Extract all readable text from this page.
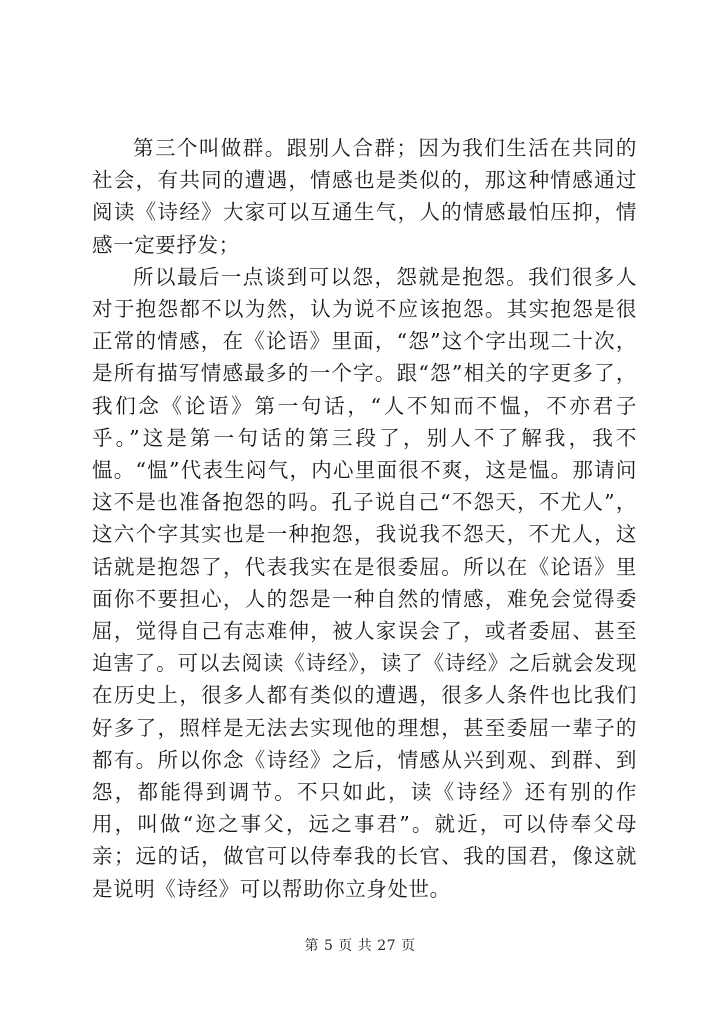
第三个叫做群。跟别人合群；因为我们生活在共同的社会，有共同的遭遇，情感也是类似的，那这种情感通过阅读《诗经》大家可以互通生气，人的情感最怕压抑，情感一定要抒发；

所以最后一点谈到可以怨，怨就是抱怨。我们很多人对于抱怨都不以为然，认为说不应该抱怨。其实抱怨是很正常的情感，在《论语》里面，“怨”这个字出现二十次，是所有描写情感最多的一个字。跟“怨”相关的字更多了，我们念《论语》第一句话，“人不知而不愠，不亦君子乎。”这是第一句话的第三段了，别人不了解我，我不愠。“愠”代表生闷气，内心里面很不爽，这是愠。那请问这不是也准备抱怨的吗。孔子说自己“不怨天，不尤人”，这六个字其实也是一种抱怨，我说我不怨天，不尤人，这话就是抱怨了，代表我实在是很委屈。所以在《论语》里面你不要担心，人的怨是一种自然的情感，难免会觉得委屈，觉得自己有志难伸，被人家误会了，或者委屈、甚至迫害了。可以去阅读《诗经》，读了《诗经》之后就会发现在历史上，很多人都有类似的遭遇，很多人条件也比我们好多了，照样是无法去实现他的理想，甚至委屈一辈子的都有。所以你念《诗经》之后，情感从兴到观、到群、到怨，都能得到调节。不只如此，读《诗经》还有别的作用，叫做“迩之事父，远之事君”。就近，可以侍奉父母亲；远的话，做官可以侍奉我的长官、我的国君，像这就是说明《诗经》可以帮助你立身处世。

第 5 页 共 27 页
